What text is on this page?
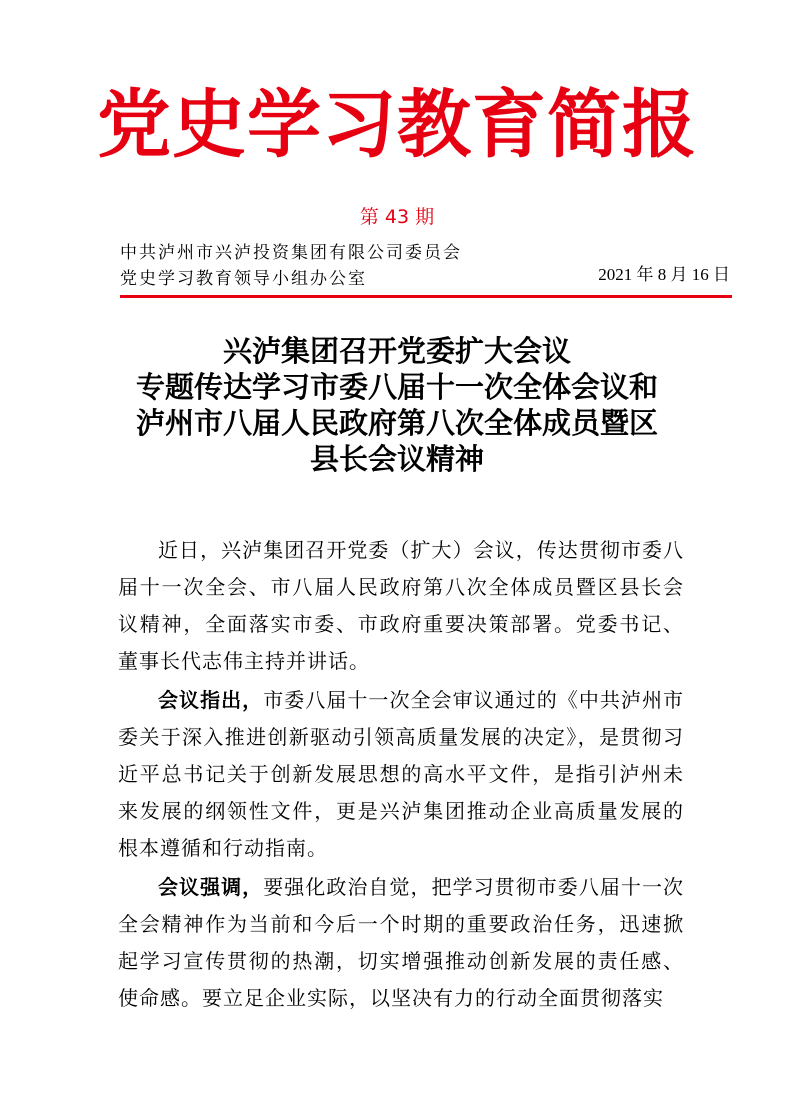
党史学习教育简报
第 43 期
中共泸州市兴泸投资集团有限公司委员会
党史学习教育领导小组办公室	2021 年 8 月 16 日
兴泸集团召开党委扩大会议
专题传达学习市委八届十一次全体会议和
泸州市八届人民政府第八次全体成员暨区
县长会议精神

近日，兴泸集团召开党委（扩大）会议，传达贯彻市委八届十一次全会、市八届人民政府第八次全体成员暨区县长会议精神，全面落实市委、市政府重要决策部署。党委书记、董事长代志伟主持并讲话。

会议指出，市委八届十一次全会审议通过的《中共泸州市委关于深入推进创新驱动引领高质量发展的决定》，是贯彻习近平总书记关于创新发展思想的高水平文件，是指引泸州未来发展的纲领性文件，更是兴泸集团推动企业高质量发展的根本遵循和行动指南。

会议强调，要强化政治自觉，把学习贯彻市委八届十一次全会精神作为当前和今后一个时期的重要政治任务，迅速掀起学习宣传贯彻的热潮，切实增强推动创新发展的责任感、使命感。要立足企业实际，以坚决有力的行动全面贯彻落实
